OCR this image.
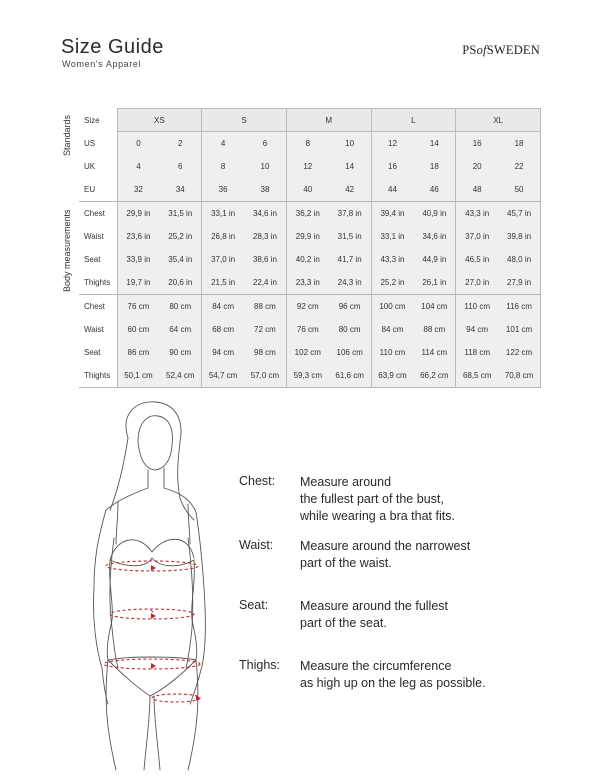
Size Guide
Women's Apparel
PSofSWEDEN
Standards
Body measurements
Size	XS		S		M		L		XL	
US	0	2	4	6	8	10	12	14	16	18
UK	4	6	8	10	12	14	16	18	20	22
EU	32	34	36	38	40	42	44	46	48	50
Chest	29,9 in	31,5 in	33,1 in	34,6 in	36,2 in	37,8 in	39,4 in	40,9 in	43,3 in	45,7 in
Waist	23,6 in	25,2 in	26,8 in	28,3 in	29,9 in	31,5 in	33,1 in	34,6 in	37,0 in	39,8 in
Seat	33,9 in	35,4 in	37,0 in	38,6 in	40,2 in	41,7 in	43,3 in	44,9 in	46,5 in	48,0 in
Thights	19,7 in	20,6 in	21,5 in	22,4 in	23,3 in	24,3 in	25,2 in	26,1 in	27,0 in	27,9 in
Chest	76 cm	80 cm	84 cm	88 cm	92 cm	96 cm	100 cm	104 cm	110 cm	116 cm
Waist	60 cm	64 cm	68 cm	72 cm	76 cm	80 cm	84 cm	88 cm	94 cm	101 cm
Seat	86 cm	90 cm	94 cm	98 cm	102 cm	106 cm	110 cm	114 cm	118 cm	122 cm
Thights	50,1 cm	52,4 cm	54,7 cm	57,0 cm	59,3 cm	61,6 cm	63,9 cm	66,2 cm	68,5 cm	70,8 cm
Chest: Measure around
the fullest part of the bust,
while wearing a bra that fits.
Waist: Measure around the narrowest
part of the waist.
Seat:	Measure around the fullest
part of the seat.
Thighs: Measure the circumference
as high up on the leg as possible.
